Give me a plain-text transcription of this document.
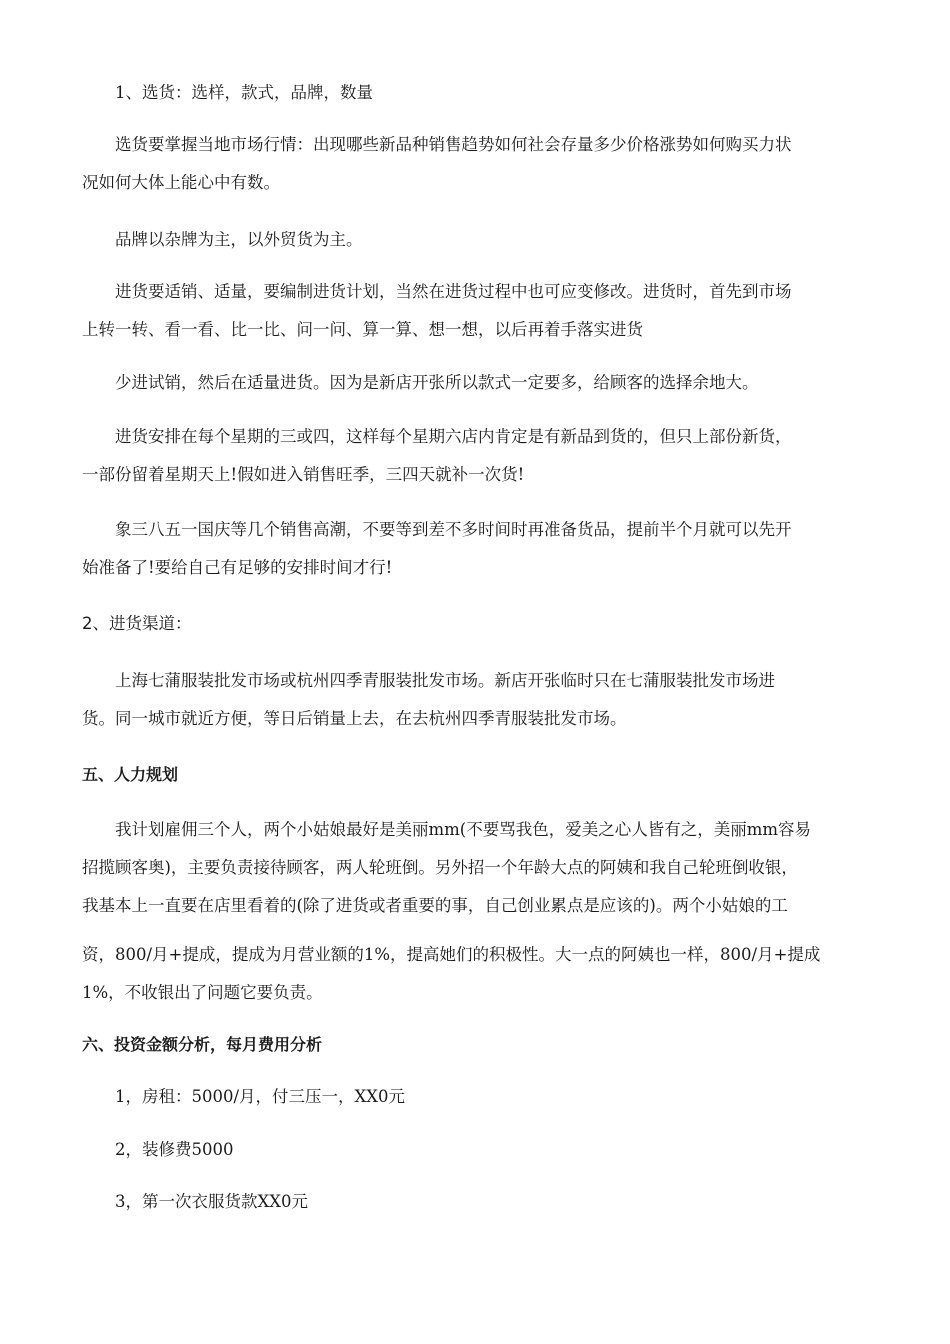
1、选货：选样，款式，品牌，数量
选货要掌握当地市场行情：出现哪些新品种销售趋势如何社会存量多少价格涨势如何购买力状
况如何大体上能心中有数。
品牌以杂牌为主，以外贸货为主。
进货要适销、适量，要编制进货计划，当然在进货过程中也可应变修改。进货时，首先到市场
上转一转、看一看、比一比、问一问、算一算、想一想，以后再着手落实进货
少进试销，然后在适量进货。因为是新店开张所以款式一定要多，给顾客的选择余地大。
进货安排在每个星期的三或四，这样每个星期六店内肯定是有新品到货的，但只上部份新货，
一部份留着星期天上!假如进入销售旺季，三四天就补一次货!
象三八五一国庆等几个销售高潮，不要等到差不多时间时再准备货品，提前半个月就可以先开
始准备了!要给自己有足够的安排时间才行!
2、进货渠道：
上海七蒲服装批发市场或杭州四季青服装批发市场。新店开张临时只在七蒲服装批发市场进
货。同一城市就近方便，等日后销量上去，在去杭州四季青服装批发市场。
五、人力规划
我计划雇佣三个人，两个小姑娘最好是美丽mm(不要骂我色，爱美之心人皆有之，美丽mm容易
招揽顾客奥)，主要负责接待顾客，两人轮班倒。另外招一个年龄大点的阿姨和我自己轮班倒收银，
我基本上一直要在店里看着的(除了进货或者重要的事，自己创业累点是应该的)。两个小姑娘的工
资，800/月+提成，提成为月营业额的1%，提高她们的积极性。大一点的阿姨也一样，800/月+提成
1%，不收银出了问题它要负责。
六、投资金额分析，每月费用分析
1，房租：5000/月，付三压一，XX0元
2，装修费5000
3，第一次衣服货款XX0元
